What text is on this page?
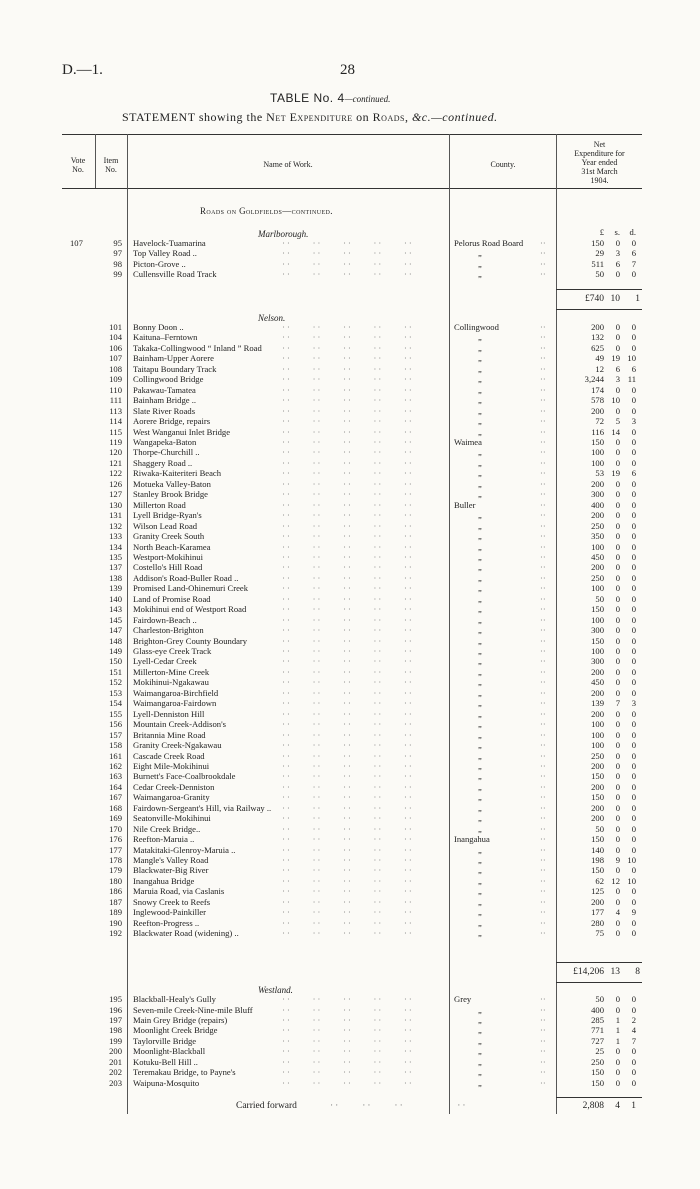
D.—1.	28
TABLE No. 4—continued.
STATEMENT showing the Net Expenditure on Roads, &c.—continued.
Vote
No.
Item
No.
Name of Work.	County.
Net
Expenditure for
Year ended
31st March
1904.
Roads on Goldfields—continued.
£	s.	d.
Marlborough.
107	95 Havelock-Tuamarina	··     ··     ··     ··     ··	Pelorus Road Board ··	150	0	0
97 Top Valley Road ..	··     ··     ··     ··     ··	„	··	29	3	6
98 Picton-Grove ..	··     ··     ··     ··     ··	„	··	511	6	7
99 Cullensville Road Track	··     ··     ··     ··     ··	„	··	50	0	0
£740 10	1
Nelson.
101 Bonny Doon ..	··     ··     ··     ··     ··	Collingwood	··	200	0	0
104 Kaituna–Ferntown	··     ··     ··     ··     ··	„	··	132	0	0
106 Takaka-Collingwood “ Inland ” Road ··     ··     ··     ··     ··	„	··	625	0	0
107 Bainham-Upper Aorere	··     ··     ··     ··     ··	„	··	49 19 10
108 Taitapu Boundary Track	··     ··     ··     ··     ··	„	··	12	6	6
109 Collingwood Bridge	··     ··     ··     ··     ··	„	··	3,244	3 11
110 Pakawau-Tamatea	··     ··     ··     ··     ··	„	··	174	0	0
111 Bainham Bridge ..	··     ··     ··     ··     ··	„	··	578 10	0
113 Slate River Roads	··     ··     ··     ··     ··	„	··	200	0	0
114 Aorere Bridge, repairs	··     ··     ··     ··     ··	„	··	72	5	3
115 West Wanganui Inlet Bridge	··     ··     ··     ··     ··	„	··	116 14	0
119 Wangapeka-Baton	··     ··     ··     ··     ··	Waimea	··	150	0	0
120 Thorpe-Churchill ..	··     ··     ··     ··     ··	„	··	100	0	0
121 Shaggery Road ..	··     ··     ··     ··     ··	„	··	100	0	0
122 Riwaka-Kaiteriteri Beach	··     ··     ··     ··     ··	„	··	53 19	6
126 Motueka Valley-Baton	··     ··     ··     ··     ··	„	··	200	0	0
127 Stanley Brook Bridge	··     ··     ··     ··     ··	„	··	300	0	0
130 Millerton Road	··     ··     ··     ··     ··	Buller	··	400	0	0
131 Lyell Bridge-Ryan's	··     ··     ··     ··     ··	„	··	200	0	0
132 Wilson Lead Road	··     ··     ··     ··     ··	„	··	250	0	0
133 Granity Creek South	··     ··     ··     ··     ··	„	··	350	0	0
134 North Beach-Karamea	··     ··     ··     ··     ··	„	··	100	0	0
135 Westport-Mokihinui	··     ··     ··     ··     ··	„	··	450	0	0
137 Costello's Hill Road	··     ··     ··     ··     ··	„	··	200	0	0
138 Addison's Road-Buller Road ..	··     ··     ··     ··     ··	„	··	250	0	0
139 Promised Land-Ohinemuri Creek	··     ··     ··     ··     ··	„	··	100	0	0
140 Land of Promise Road	··     ··     ··     ··     ··	„	··	50	0	0
143 Mokihinui end of Westport Road	··     ··     ··     ··     ··	„	··	150	0	0
145 Fairdown-Beach ..	··     ··     ··     ··     ··	„	··	100	0	0
147 Charleston-Brighton	··     ··     ··     ··     ··	„	··	300	0	0
148 Brighton-Grey County Boundary	··     ··     ··     ··     ··	„	··	150	0	0
149 Glass-eye Creek Track	··     ··     ··     ··     ··	„	··	100	0	0
150 Lyell-Cedar Creek	··     ··     ··     ··     ··	„	··	300	0	0
151 Millerton-Mine Creek	··     ··     ··     ··     ··	„	··	200	0	0
152 Mokihinui-Ngakawau	··     ··     ··     ··     ··	„	··	450	0	0
153 Waimangaroa-Birchfield	··     ··     ··     ··     ··	„	··	200	0	0
154 Waimangaroa-Fairdown	··     ··     ··     ··     ··	„	··	139	7	3
155 Lyell-Denniston Hill	··     ··     ··     ··     ··	„	··	200	0	0
156 Mountain Creek-Addison's	··     ··     ··     ··     ··	„	··	100	0	0
157 Britannia Mine Road	··     ··     ··     ··     ··	„	··	100	0	0
158 Granity Creek-Ngakawau	··     ··     ··     ··     ··	„	··	100	0	0
161 Cascade Creek Road	··     ··     ··     ··     ··	„	··	250	0	0
162 Eight Mile-Mokihinui	··     ··     ··     ··     ··	„	··	200	0	0
163 Burnett's Face-Coalbrookdale	··     ··     ··     ··     ··	„	··	150	0	0
164 Cedar Creek-Denniston	··     ··     ··     ··     ··	„	··	200	0	0
167 Waimangaroa-Granity	··     ··     ··     ··     ··	„	··	150	0	0
168 Fairdown-Sergeant's Hill, via Railway .. ··     ··     ··     ··     ··	„	··	200	0	0
169 Seatonville-Mokihinui	··     ··     ··     ··     ··	„	··	200	0	0
170 Nile Creek Bridge..	··     ··     ··     ··     ··	„	··	50	0	0
176 Reefton-Maruia ..	··     ··     ··     ··     ··	Inangahua	··	150	0	0
177 Matakitaki-Glenroy-Maruia ..	··     ··     ··     ··     ··	„	··	140	0	0
178 Mangle's Valley Road	··     ··     ··     ··     ··	„	··	198	9 10
179 Blackwater-Big River	··     ··     ··     ··     ··	„	··	150	0	0
180 Inangahua Bridge	··     ··     ··     ··     ··	„	··	62 12 10
186 Maruia Road, via Caslanis	··     ··     ··     ··     ··	„	··	125	0	0
187 Snowy Creek to Reefs	··     ··     ··     ··     ··	„	··	200	0	0
189 Inglewood-Painkiller	··     ··     ··     ··     ··	„	··	177	4	9
190 Reefton-Progress ..	··     ··     ··     ··     ··	„	··	280	0	0
192 Blackwater Road (widening) ..	··     ··     ··     ··     ··	„	··	75	0	0
£14,206 13	8
Westland.
195 Blackball-Healy's Gully	··     ··     ··     ··     ··	Grey	··	50	0	0
196 Seven-mile Creek-Nine-mile Bluff	··     ··     ··     ··     ··	„	··	400	0	0
197 Main Grey Bridge (repairs)	··     ··     ··     ··     ··	„	··	285	1	2
198 Moonlight Creek Bridge	··     ··     ··     ··     ··	„	··	771	1	4
199 Taylorville Bridge	··     ··     ··     ··     ··	„	··	727	1	7
200 Moonlight-Blackball	··     ··     ··     ··     ··	„	··	25	0	0
201 Kotuku-Bell Hill ..	··     ··     ··     ··     ··	„	··	250	0	0
202 Teremakau Bridge, to Payne's	··     ··     ··     ··     ··	„	··	150	0	0
203 Waipuna-Mosquito	··     ··     ··     ··     ··	„	··	150	0	0
Carried forward	··     ··     ··            ··	2,808	4	1
